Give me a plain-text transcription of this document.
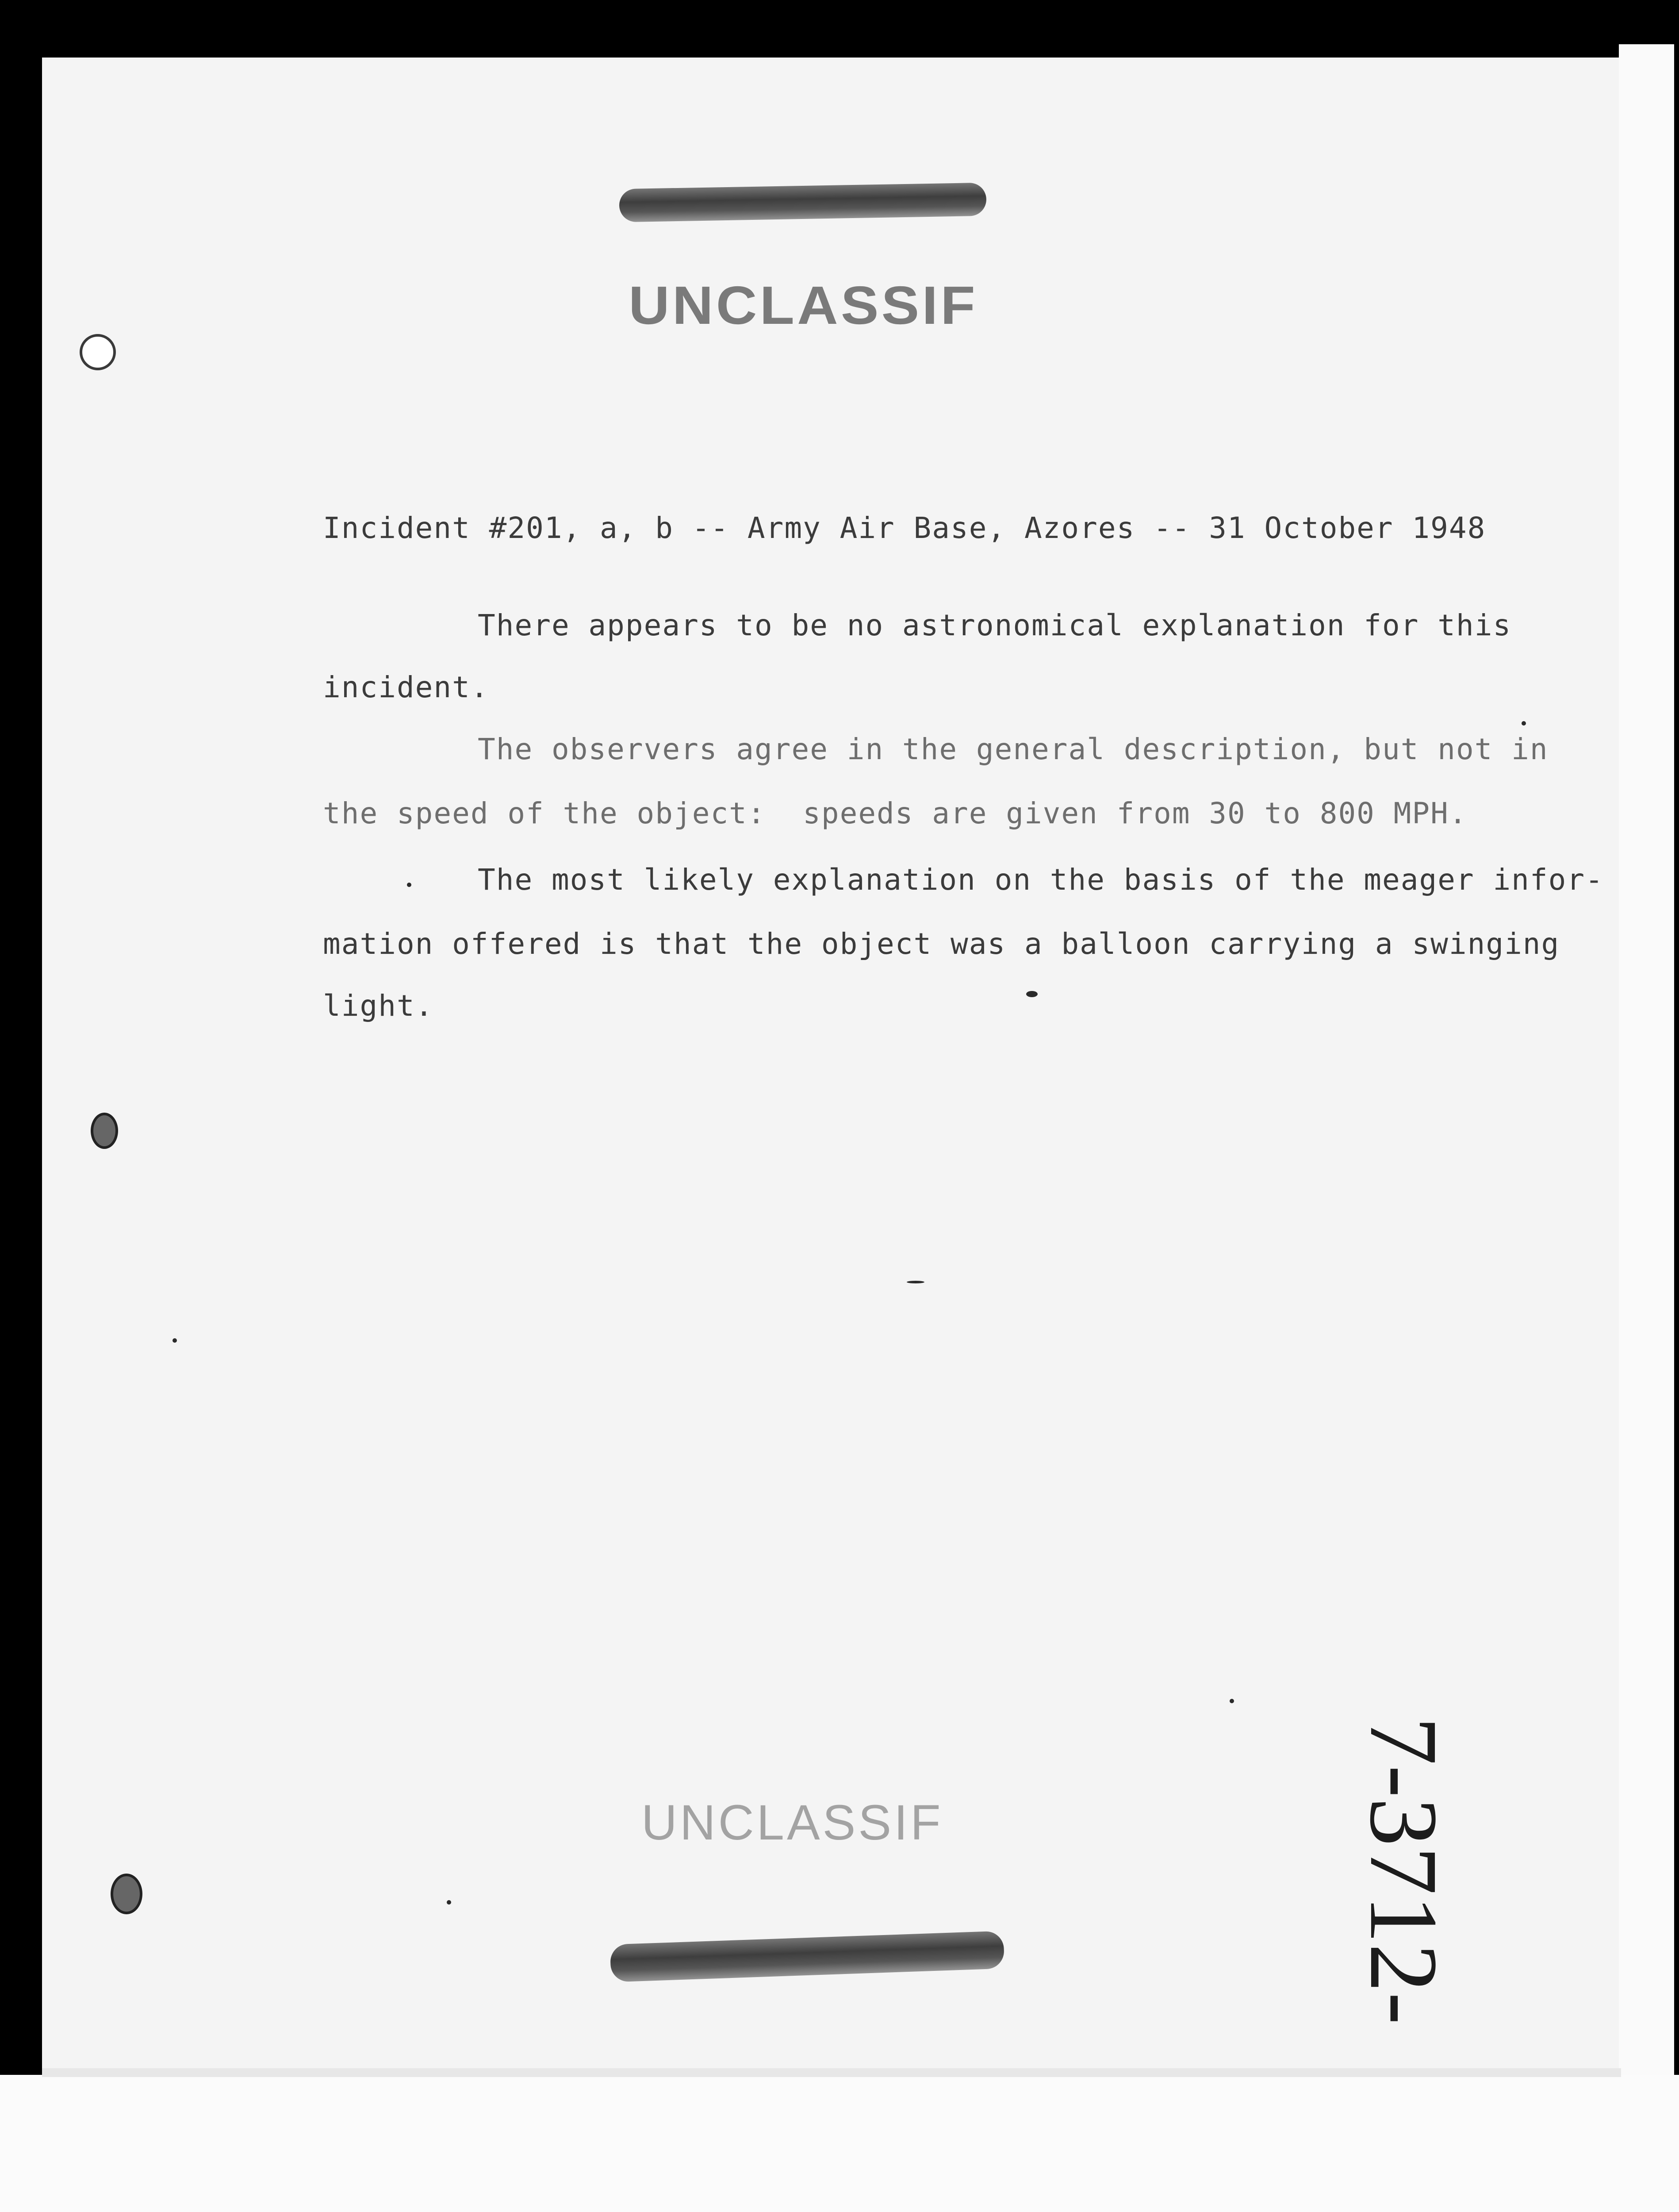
UNCLASSIF
UNCLASSIF
Incident #201, a, b -- Army Air Base, Azores -- 31 October 1948
There appears to be no astronomical explanation for this
incident.
The observers agree in the general description, but not in
the speed of the object:  speeds are given from 30 to 800 MPH.
The most likely explanation on the basis of the meager infor-
mation offered is that the object was a balloon carrying a swinging
light.
7-3712-
